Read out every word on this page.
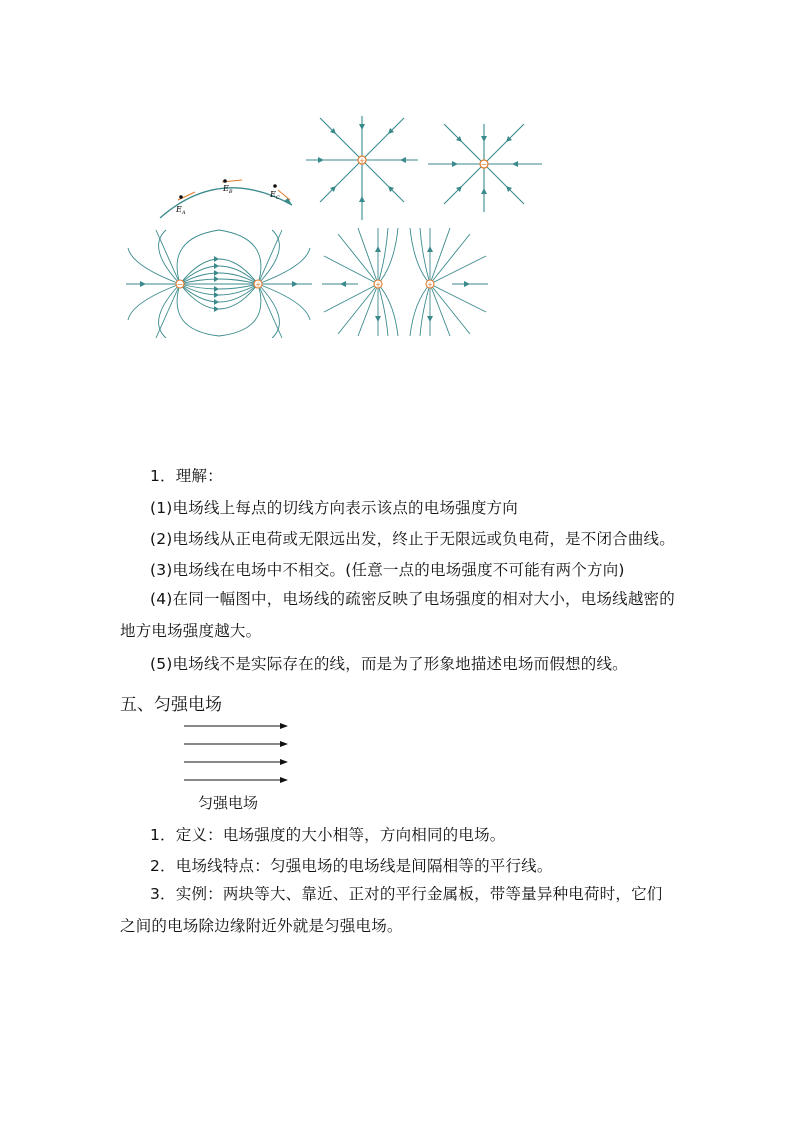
$E_A$
$E_B$	$E_C$
+	−
−	+	+	+
1．理解：
(1)电场线上每点的切线方向表示该点的电场强度方向
(2)电场线从正电荷或无限远出发，终止于无限远或负电荷，是不闭合曲线。
(3)电场线在电场中不相交。(任意一点的电场强度不可能有两个方向)
(4)在同一幅图中，电场线的疏密反映了电场强度的相对大小，电场线越密的地方电场强度越大。
(5)电场线不是实际存在的线，而是为了形象地描述电场而假想的线。
五、匀强电场
匀强电场
1．定义：电场强度的大小相等，方向相同的电场。
2．电场线特点：匀强电场的电场线是间隔相等的平行线。
3．实例：两块等大、靠近、正对的平行金属板，带等量异种电荷时，它们之间的电场除边缘附近外就是匀强电场。
